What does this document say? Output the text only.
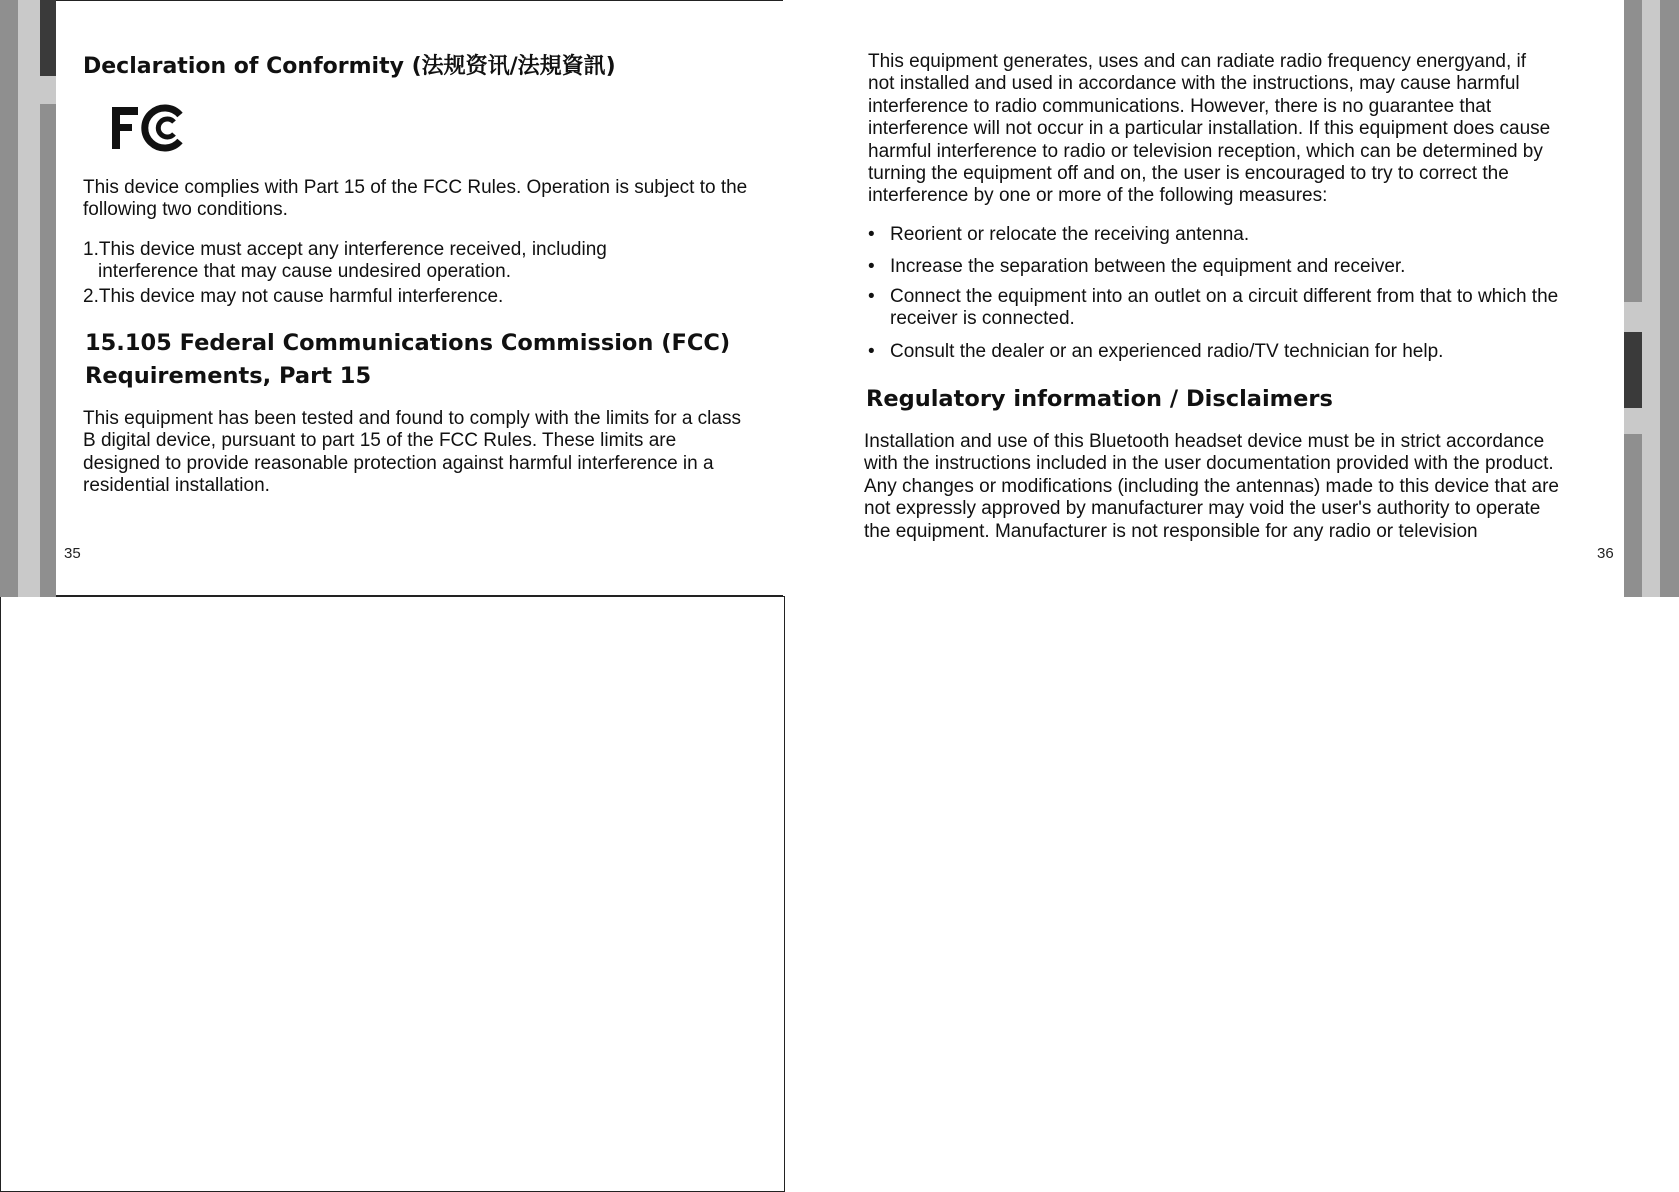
Declaration of Conformity (法规资讯/法規資訊)
This device complies with Part 15 of the FCC Rules. Operation is subject to the
following two conditions.
1.This device must accept any interference received, including
interference that may cause undesired operation.
2.This device may not cause harmful interference.
15.105 Federal Communications Commission (FCC)
Requirements, Part 15
This equipment has been tested and found to comply with the limits for a class
B digital device, pursuant to part 15 of the FCC Rules. These limits are
designed to provide reasonable protection against harmful interference in a
residential installation.
35
This equipment generates, uses and can radiate radio frequency energyand, if
not installed and used in accordance with the instructions, may cause harmful
interference to radio communications. However, there is no guarantee that
interference will not occur in a particular installation. If this equipment does cause
harmful interference to radio or television reception, which can be determined by
turning the equipment off and on, the user is encouraged to try to correct the
interference by one or more of the following measures:
• Reorient or relocate the receiving antenna.
• Increase the separation between the equipment and receiver.
• Connect the equipment into an outlet on a circuit different from that to which the
receiver is connected.
• Consult the dealer or an experienced radio/TV technician for help.
Regulatory information / Disclaimers
Installation and use of this Bluetooth headset device must be in strict accordance
with the instructions included in the user documentation provided with the product.
Any changes or modifications (including the antennas) made to this device that are
not expressly approved by manufacturer may void the user's authority to operate
the equipment. Manufacturer is not responsible for any radio or television
36
